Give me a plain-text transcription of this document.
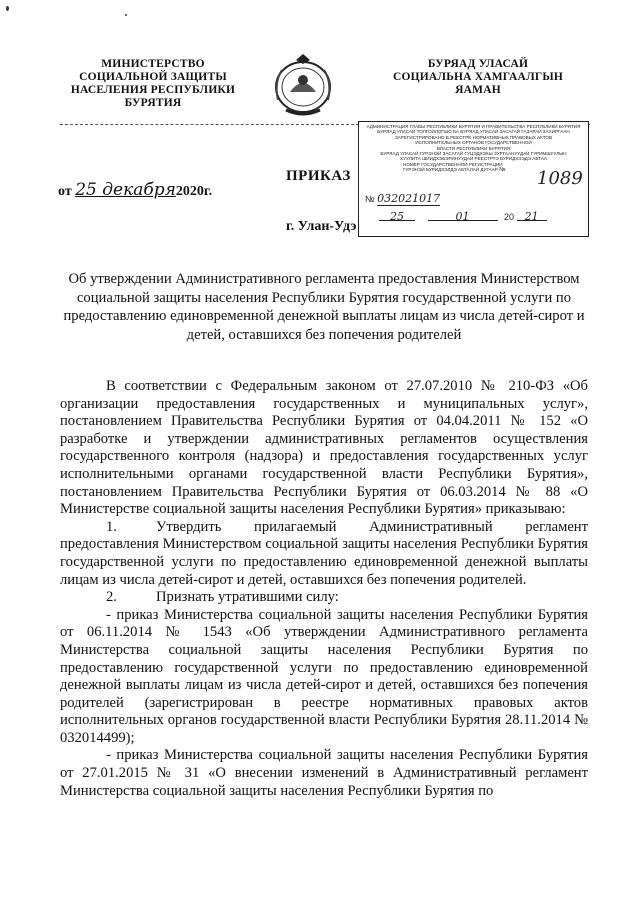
МИНИСТЕРСТВО
СОЦИАЛЬНОЙ ЗАЩИТЫ
НАСЕЛЕНИЯ РЕСПУБЛИКИ
БУРЯТИЯ
БУРЯАД УЛАСАЙ
СОЦИАЛЬНА ХАМГААЛГЫН
ЯАМАН
АДМИНИСТРАЦИЯ ГЛАВЫ РЕСПУБЛИКИ БУРЯТИЯ И ПРАВИТЕЛЬСТВА РЕСПУБЛИКИ БУРЯТИЯ
БУРЯАД УЛАСАЙ ТОЛГОЙЛОГШО БА БУРЯАД УЛАСАЙ ЗАСАГАЙ ГАЗАРАЙ ЗАХИРГААН
ЗАРЕГИСТРИРОВАНО В РЕЕСТРЕ НОРМАТИВНЫХ ПРАВОВЫХ АКТОВ
ИСПОЛНИТЕЛЬНЫХ ОРГАНОВ ГОСУДАРСТВЕННОЙ
ВЛАСТИ РЕСПУБЛИКИ БУРЯТИЯ
БУРЯАД УЛАСАЙ ГУРЭНЭЙ ЗАСАГАЙ ГУЦЭДХЭХЫ ЗУРГААНУУДАЙ ГУРИМШУУЛЫН
ХУУЛИТА ШИИДХЭБЭРИНУУДАЙ РЕЕСТРТЭ БУРИДХЭЭДЭ АБТАА
НОМЕР ГОСУДАРСТВЕННОЙ РЕГИСТРАЦИИ
ГУРЭНЭЙ БУРИДХЭЛДЭ АБТАЛАЙ ДУГААР №	1089
№ 032021017
25	01	20 21
ПРИКАЗ
от 25 декабря2020г.
г. Улан-Удэ
Об утверждении Административного регламента предоставления Министерством социальной защиты населения Республики Бурятия государственной услуги по предоставлению единовременной денежной выплаты лицам из числа детей-сирот и детей, оставшихся без попечения родителей

В соответствии с Федеральным законом от 27.07.2010 № 210-ФЗ «Об организации предоставления государственных и муниципальных услуг», постановлением Правительства Республики Бурятия от 04.04.2011 № 152 «О разработке и утверждении административных регламентов осуществления государственного контроля (надзора) и предоставления государственных услуг исполнительными органами государственной власти Республики Бурятия», постановлением Правительства Республики Бурятия от 06.03.2014 № 88 «О Министерстве социальной защиты населения Республики Бурятия» приказываю:

1.	Утвердить прилагаемый Административный регламент предоставления Министерством социальной защиты населения Республики Бурятия государственной услуги по предоставлению единовременной денежной выплаты лицам из числа детей-сирот и детей, оставшихся без попечения родителей.

2.	Признать утратившими силу:

- приказ Министерства социальной защиты населения Республики Бурятия от 06.11.2014 № 1543 «Об утверждении Административного регламента Министерства социальной защиты населения Республики Бурятия по предоставлению государственной услуги по предоставлению единовременной денежной выплаты лицам из числа детей-сирот и детей, оставшихся без попечения родителей (зарегистрирован в реестре нормативных правовых актов исполнительных органов государственной власти Республики Бурятия 28.11.2014 № 032014499);

- приказ Министерства социальной защиты населения Республики Бурятия от 27.01.2015 № 31 «О внесении изменений в Административный регламент Министерства социальной защиты населения Республики Бурятия по
